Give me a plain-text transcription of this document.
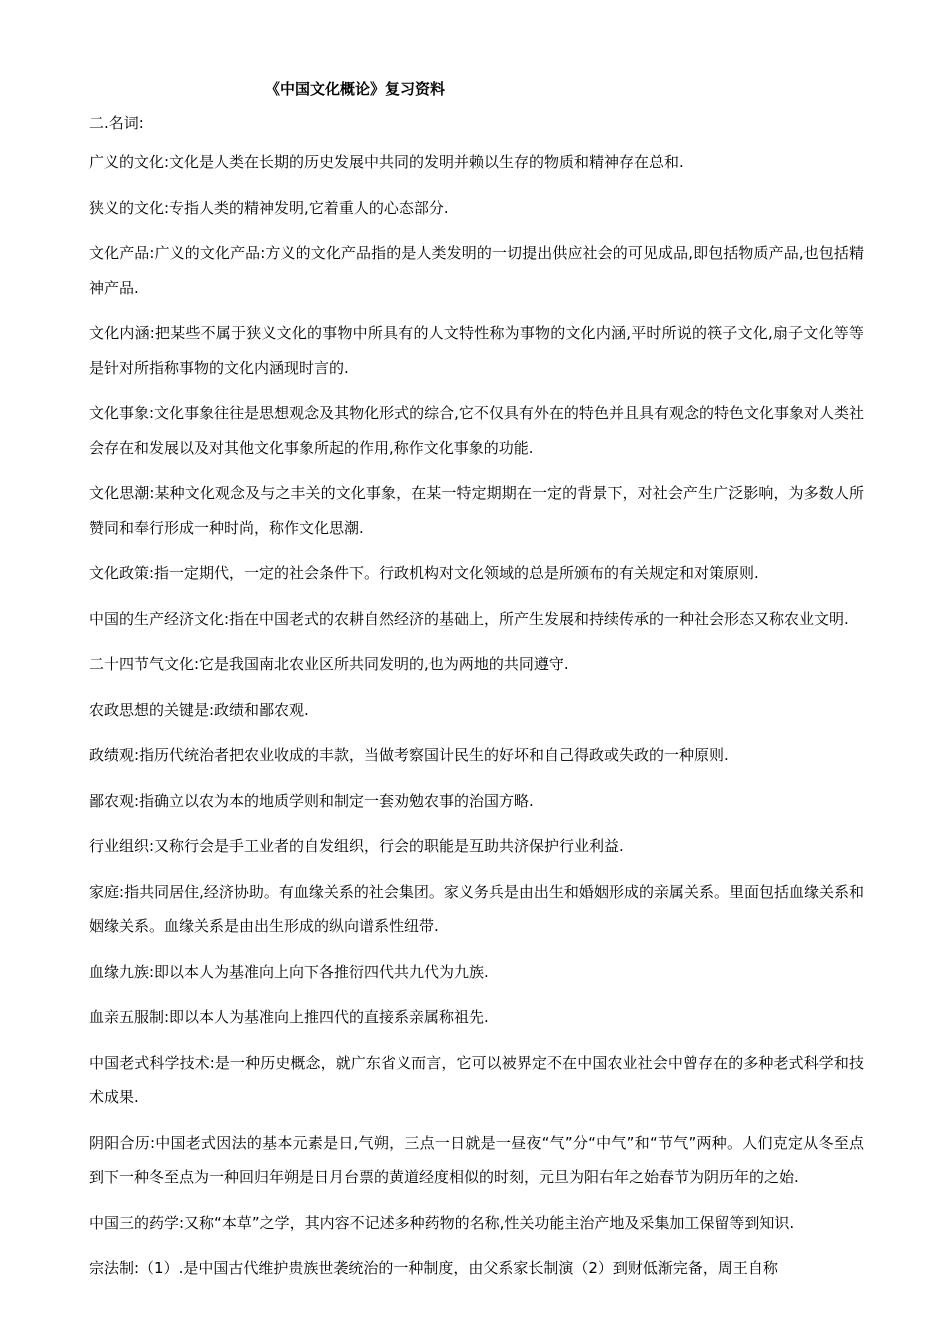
《中国文化概论》复习资料
二.名词:

广义的文化:文化是人类在长期的历史发展中共同的发明并赖以生存的物质和精神存在总和.

狭义的文化:专指人类的精神发明,它着重人的心态部分.

文化产品:广义的文化产品:方义的文化产品指的是人类发明的一切提出供应社会的可见成品,即包括物质产品,也包括精神产品.

文化内涵:把某些不属于狭义文化的事物中所具有的人文特性称为事物的文化内涵,平时所说的筷子文化,扇子文化等等是针对所指称事物的文化内涵现时言的.

文化事象:文化事象往往是思想观念及其物化形式的综合,它不仅具有外在的特色并且具有观念的特色文化事象对人类社会存在和发展以及对其他文化事象所起的作用,称作文化事象的功能.

文化思潮:某种文化观念及与之丰关的文化事象，在某一特定期期在一定的背景下，对社会产生广泛影响，为多数人所赞同和奉行形成一种时尚，称作文化思潮.

文化政策:指一定期代，一定的社会条件下。行政机构对文化领域的总是所颁布的有关规定和对策原则.

中国的生产经济文化:指在中国老式的农耕自然经济的基础上，所产生发展和持续传承的一种社会形态又称农业文明.

二十四节气文化:它是我国南北农业区所共同发明的,也为两地的共同遵守.

农政思想的关键是:政绩和鄙农观.

政绩观:指历代统治者把农业收成的丰款，当做考察国计民生的好坏和自己得政或失政的一种原则.

鄙农观:指确立以农为本的地质学则和制定一套劝勉农事的治国方略.

行业组织:又称行会是手工业者的自发组织，行会的职能是互助共济保护行业利益.

家庭:指共同居住,经济协助。有血缘关系的社会集团。家义务兵是由出生和婚姻形成的亲属关系。里面包括血缘关系和姻缘关系。血缘关系是由出生形成的纵向谱系性纽带.

血缘九族:即以本人为基准向上向下各推衍四代共九代为九族.

血亲五服制:即以本人为基准向上推四代的直接系亲属称祖先.

中国老式科学技术:是一种历史概念，就广东省义而言，它可以被界定不在中国农业社会中曾存在的多种老式科学和技术成果.

阴阳合历:中国老式因法的基本元素是日,气朔，三点一日就是一昼夜“气”分“中气”和“节气”两种。人们克定从冬至点到下一种冬至点为一种回归年朔是日月台票的黄道经度相似的时刻，元旦为阳右年之始春节为阴历年的之始.

中国三的药学:又称“本草”之学，其内容不记述多种药物的名称,性关功能主治产地及采集加工保留等到知识.

宗法制:（1）.是中国古代维护贵族世袭统治的一种制度，由父系家长制演（2）到财低渐完备，周王自称
